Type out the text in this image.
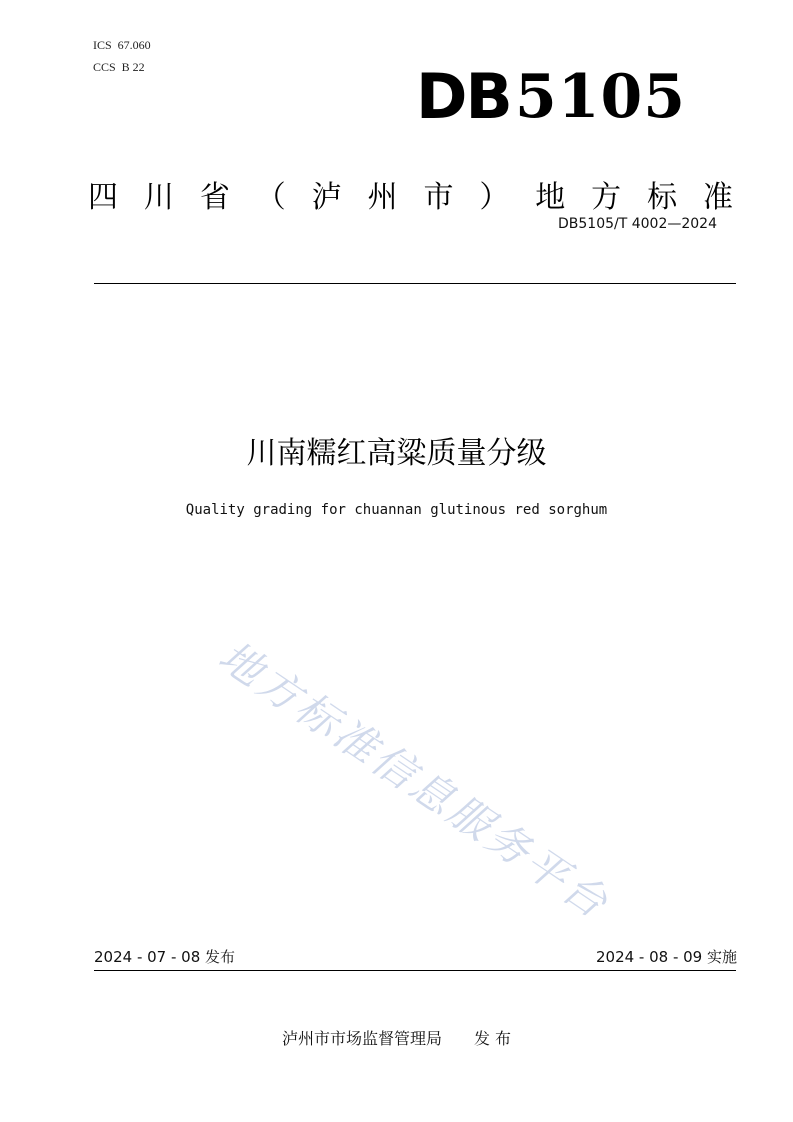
ICS  67.060
CCS  B 22	DB 5105
四 川 省 （ 泸 州 市 ） 地 方 标 准
DB5105/T 4002—2024
川南糯红高粱质量分级
Quality grading for chuannan glutinous red sorghum
地方标准信息服务平台
2024 - 07 - 08 发布	2024 - 08 - 09 实施
泸州市市场监督管理局　　发 布
